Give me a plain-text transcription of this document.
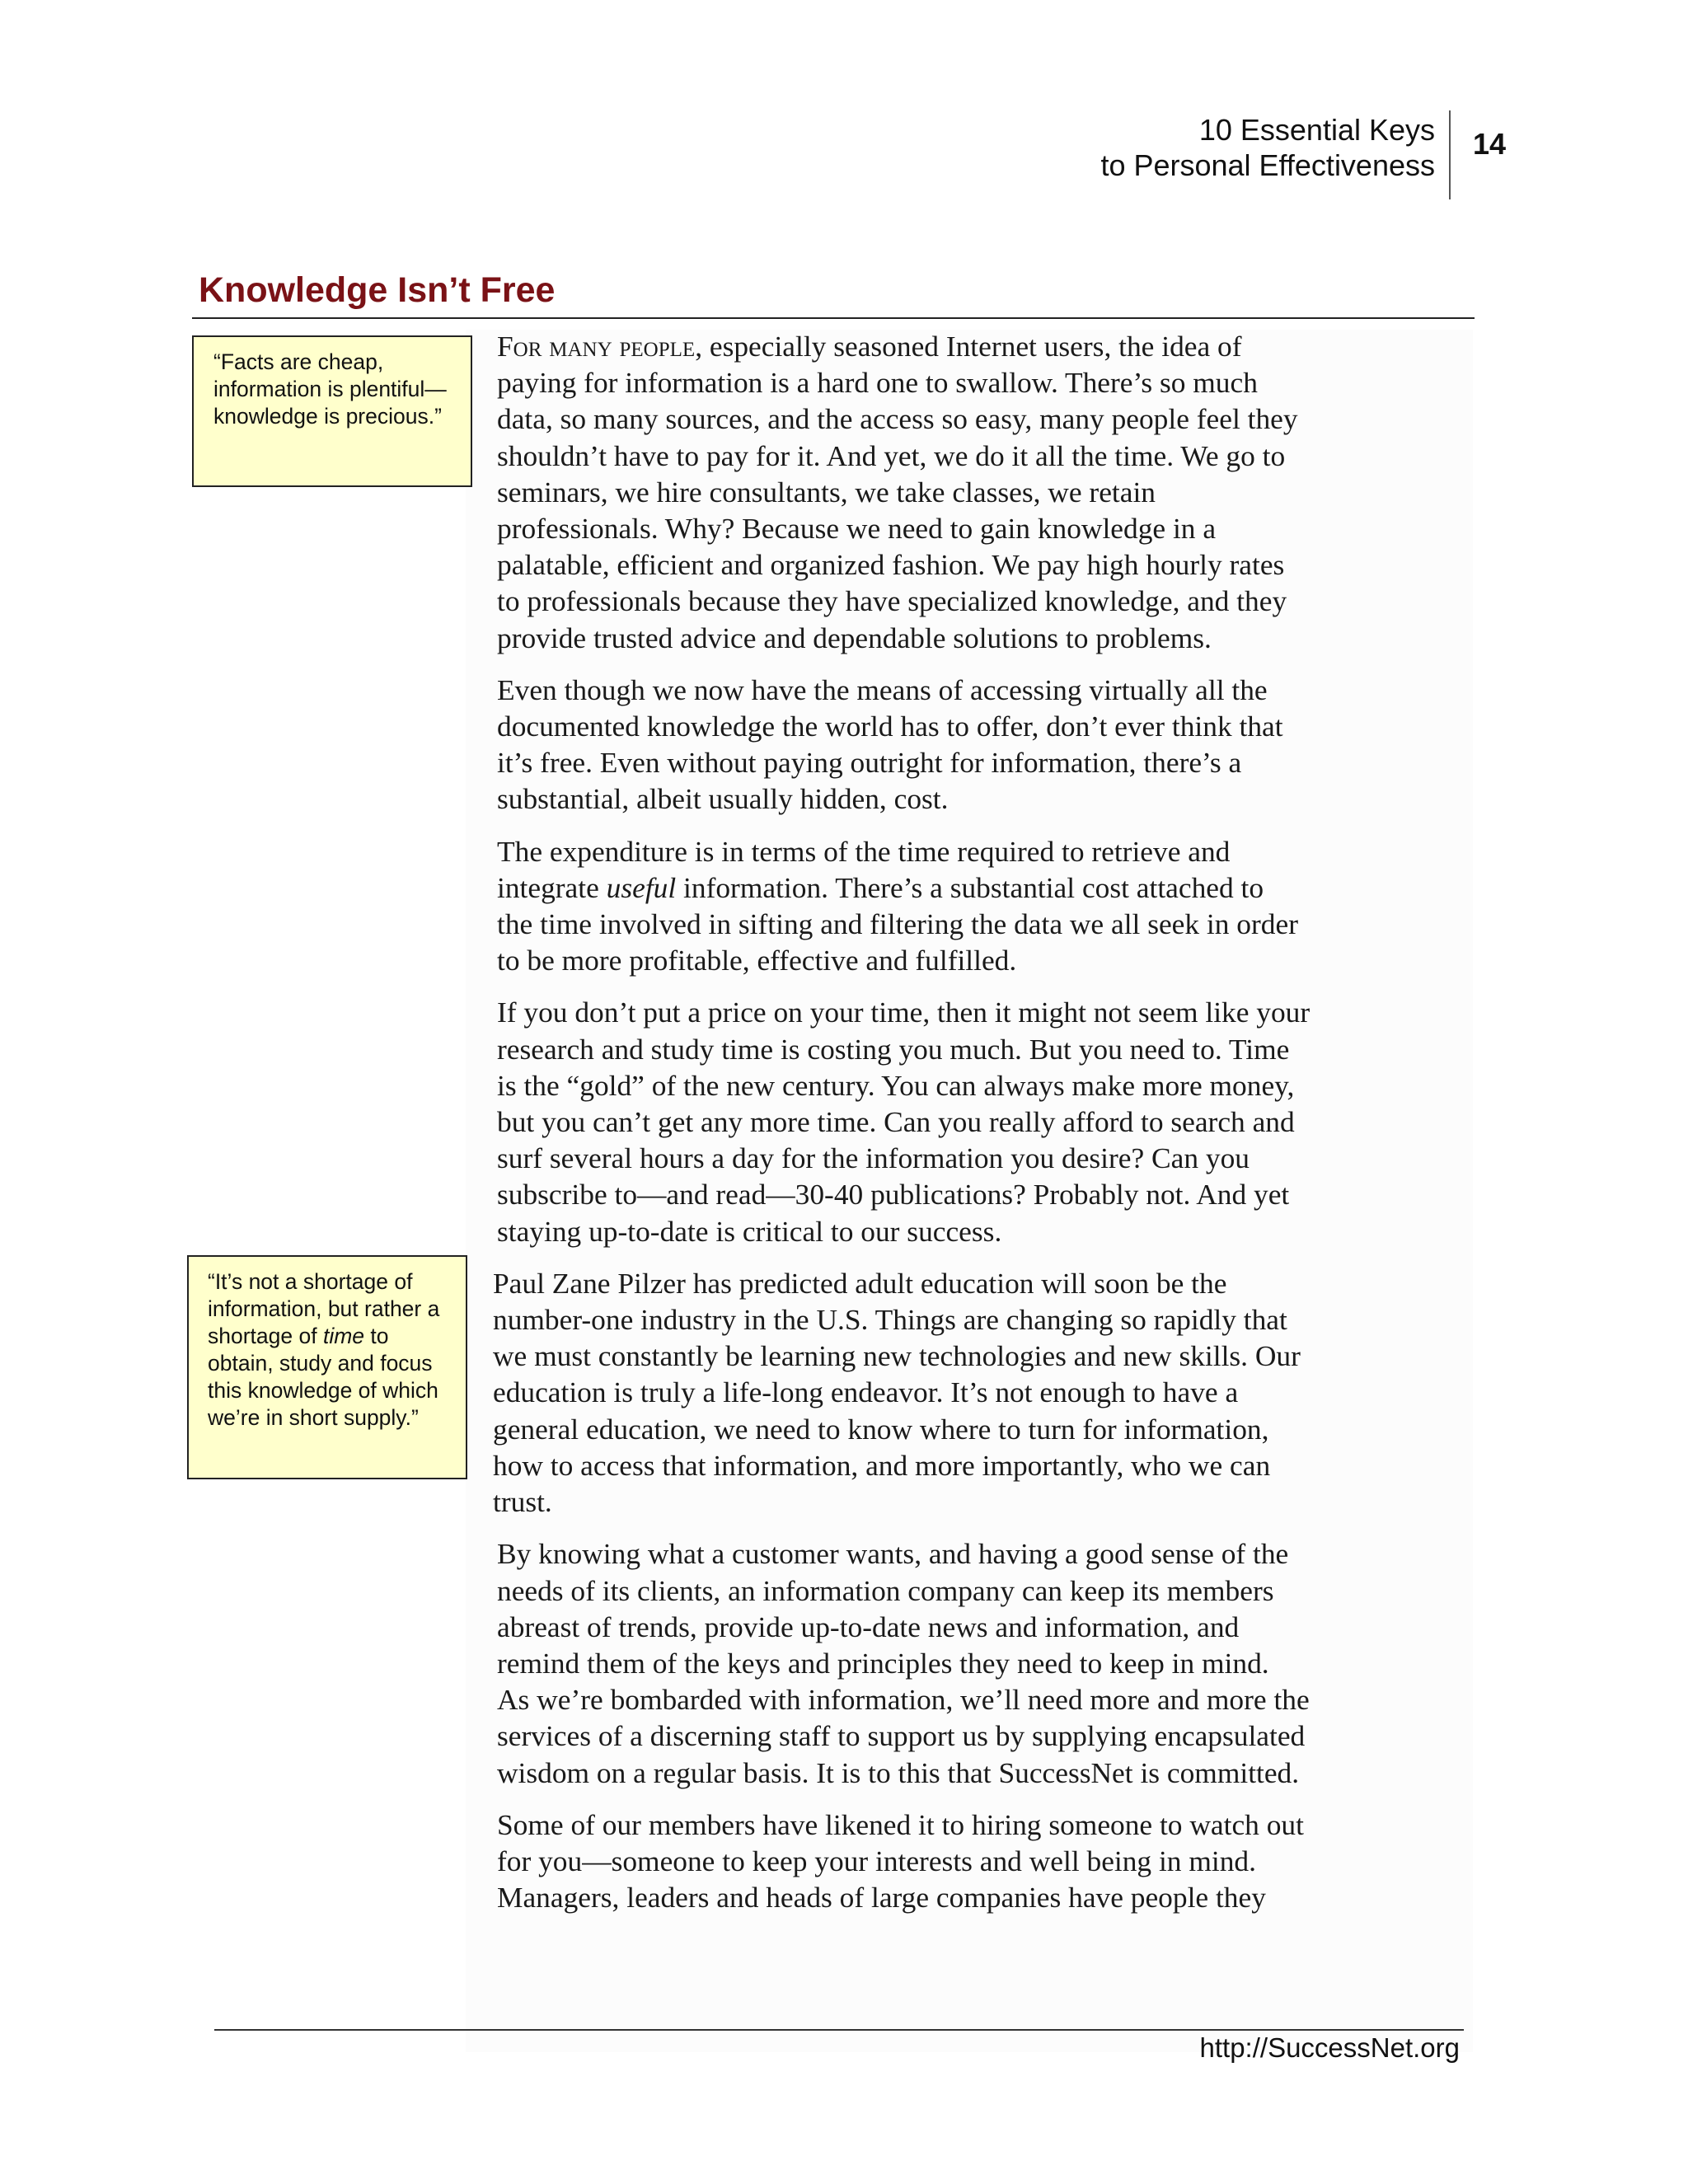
10 Essential Keys
to Personal Effectiveness
14
Knowledge Isn’t Free

“Facts are cheap, information is plentiful—knowledge is precious.”

“It’s not a shortage of information, but rather a shortage of time to obtain, study and focus this knowledge of which we’re in short supply.”

For many people, especially seasoned Internet users, the idea of
paying for information is a hard one to swallow. There’s so much
data, so many sources, and the access so easy, many people feel they
shouldn’t have to pay for it. And yet, we do it all the time. We go to
seminars, we hire consultants, we take classes, we retain
professionals. Why? Because we need to gain knowledge in a
palatable, efficient and organized fashion. We pay high hourly rates
to professionals because they have specialized knowledge, and they
provide trusted advice and dependable solutions to problems.

Even though we now have the means of accessing virtually all the
documented knowledge the world has to offer, don’t ever think that
it’s free. Even without paying outright for information, there’s a
substantial, albeit usually hidden, cost.

The expenditure is in terms of the time required to retrieve and
integrate useful information. There’s a substantial cost attached to
the time involved in sifting and filtering the data we all seek in order
to be more profitable, effective and fulfilled.

If you don’t put a price on your time, then it might not seem like your
research and study time is costing you much. But you need to. Time
is the “gold” of the new century. You can always make more money,
but you can’t get any more time. Can you really afford to search and
surf several hours a day for the information you desire? Can you
subscribe to—and read—30-40 publications? Probably not. And yet
staying up-to-date is critical to our success.

Paul Zane Pilzer has predicted adult education will soon be the
number-one industry in the U.S. Things are changing so rapidly that
we must constantly be learning new technologies and new skills. Our
education is truly a life-long endeavor. It’s not enough to have a
general education, we need to know where to turn for information,
how to access that information, and more importantly, who we can
trust.

By knowing what a customer wants, and having a good sense of the
needs of its clients, an information company can keep its members
abreast of trends, provide up-to-date news and information, and
remind them of the keys and principles they need to keep in mind.
As we’re bombarded with information, we’ll need more and more the
services of a discerning staff to support us by supplying encapsulated
wisdom on a regular basis. It is to this that SuccessNet is committed.

Some of our members have likened it to hiring someone to watch out
for you—someone to keep your interests and well being in mind.
Managers, leaders and heads of large companies have people they

http://SuccessNet.org
